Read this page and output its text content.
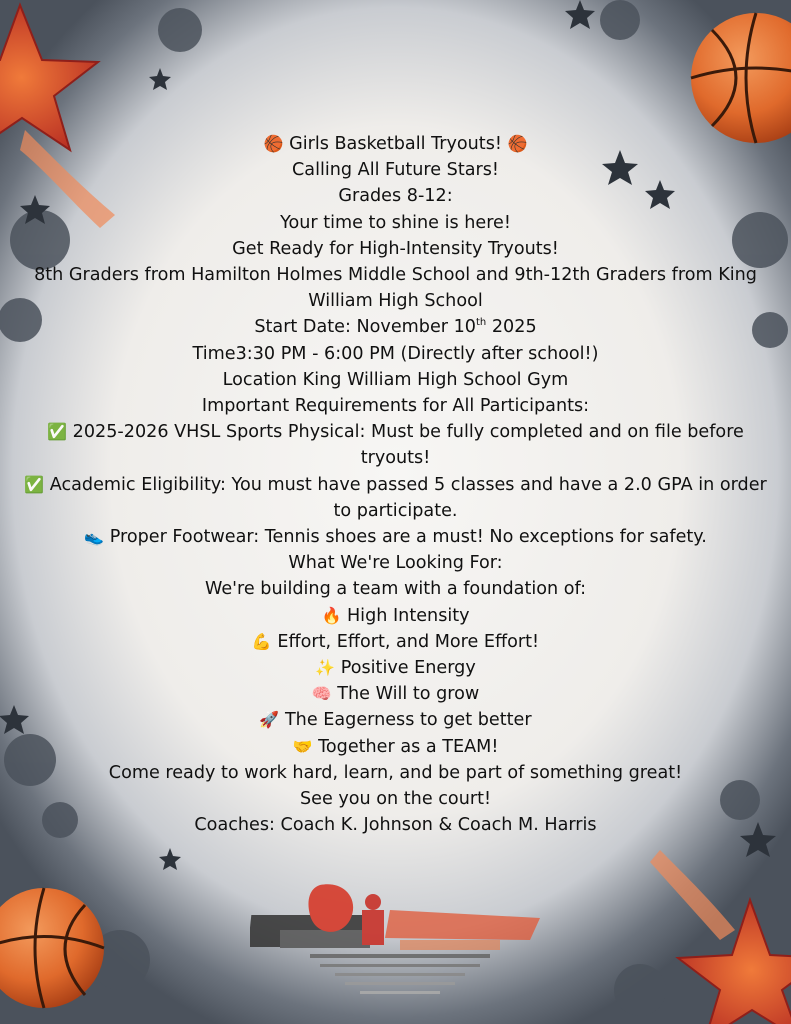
🏀 Girls Basketball Tryouts! 🏀

Calling All Future Stars!

Grades 8-12:

Your time to shine is here!

Get Ready for High-Intensity Tryouts!

8th Graders from Hamilton Holmes Middle School and 9th-12th Graders from King William High School

Start Date: November 10th 2025

Time3:30 PM - 6:00 PM (Directly after school!)

Location King William High School Gym

Important Requirements for All Participants:

✅ 2025-2026 VHSL Sports Physical: Must be fully completed and on file before tryouts!

✅ Academic Eligibility: You must have passed 5 classes and have a 2.0 GPA in order to participate.

👟 Proper Footwear: Tennis shoes are a must! No exceptions for safety.

What We're Looking For:

We're building a team with a foundation of:

🔥 High Intensity

💪 Effort, Effort, and More Effort!

✨ Positive Energy

🧠 The Will to grow

🚀 The Eagerness to get better

🤝 Together as a TEAM!

Come ready to work hard, learn, and be part of something great!

See you on the court!

Coaches: Coach K. Johnson & Coach M. Harris
